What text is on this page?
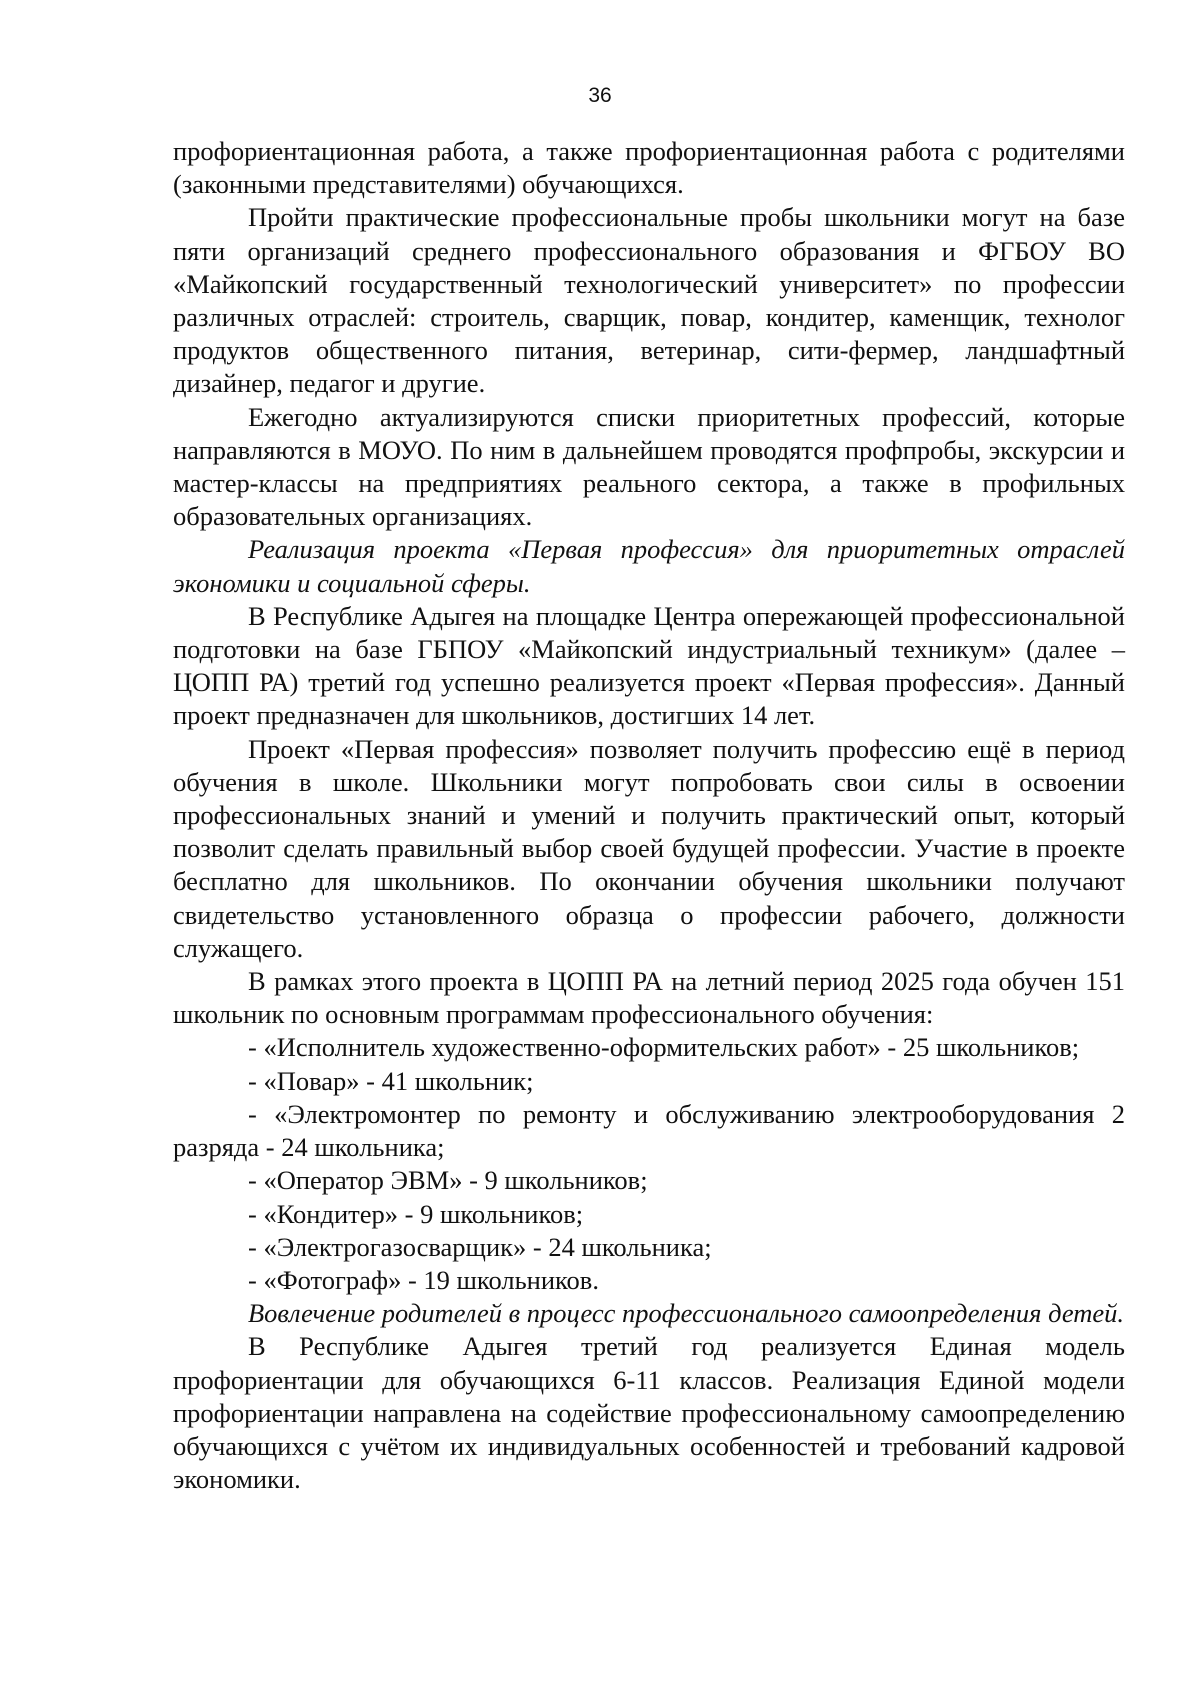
36

профориентационная работа, а также профориентационная работа с родителями (законными представителями) обучающихся.

Пройти практические профессиональные пробы школьники могут на базе пяти организаций среднего профессионального образования и ФГБОУ ВО «Майкопский государственный технологический университет» по профессии различных отраслей: строитель, сварщик, повар, кондитер, каменщик, технолог продуктов общественного питания, ветеринар, сити-фермер, ландшафтный дизайнер, педагог и другие.

Ежегодно актуализируются списки приоритетных профессий, которые направляются в МОУО. По ним в дальнейшем проводятся профпробы, экскурсии и мастер-классы на предприятиях реального сектора, а также в профильных образовательных организациях.

Реализация проекта «Первая профессия» для приоритетных отраслей экономики и социальной сферы.

В Республике Адыгея на площадке Центра опережающей профессиональной подготовки на базе ГБПОУ «Майкопский индустриальный техникум» (далее – ЦОПП РА) третий год успешно реализуется проект «Первая профессия». Данный проект предназначен для школьников, достигших 14 лет.

Проект «Первая профессия» позволяет получить профессию ещё в период обучения в школе. Школьники могут попробовать свои силы в освоении профессиональных знаний и умений и получить практический опыт, который позволит сделать правильный выбор своей будущей профессии. Участие в проекте бесплатно для школьников. По окончании обучения школьники получают свидетельство установленного образца о профессии рабочего, должности служащего.

В рамках этого проекта в ЦОПП РА на летний период 2025 года обучен 151 школьник по основным программам профессионального обучения:

- «Исполнитель художественно-оформительских работ» - 25 школьников;

- «Повар» - 41 школьник;

- «Электромонтер по ремонту и обслуживанию электрооборудования 2 разряда - 24 школьника;

- «Оператор ЭВМ» - 9 школьников;

- «Кондитер» - 9 школьников;

- «Электрогазосварщик» - 24 школьника;

- «Фотограф» - 19 школьников.

Вовлечение родителей в процесс профессионального самоопределения детей.

В Республике Адыгея третий год реализуется Единая модель профориентации для обучающихся 6-11 классов. Реализация Единой модели профориентации направлена на содействие профессиональному самоопределению обучающихся с учётом их индивидуальных особенностей и требований кадровой экономики.
